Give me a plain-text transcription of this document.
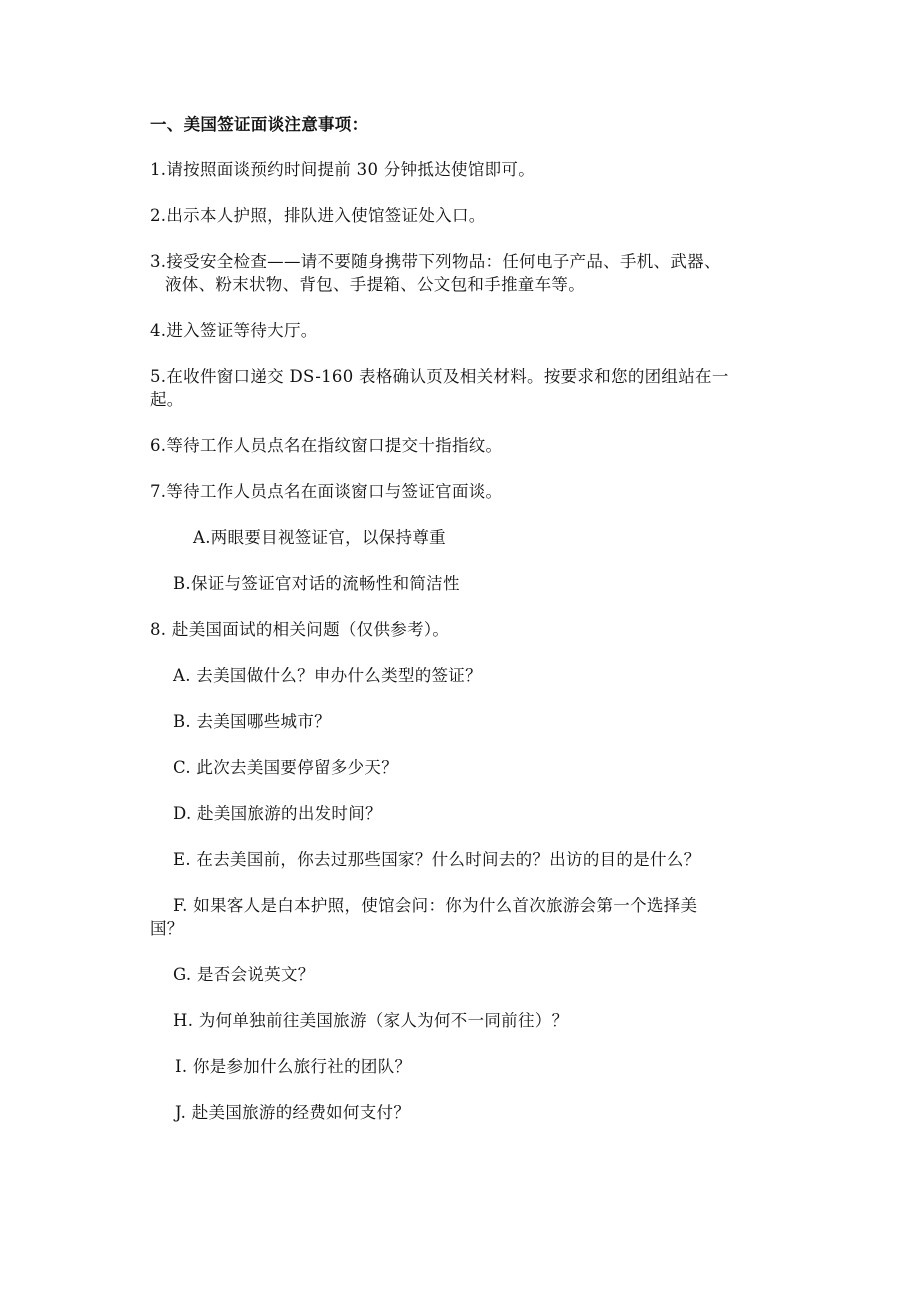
一、美国签证面谈注意事项：
1.请按照面谈预约时间提前 30 分钟抵达使馆即可。
2.出示本人护照，排队进入使馆签证处入口。
3.接受安全检查——请不要随身携带下列物品：任何电子产品、手机、武器、
液体、粉末状物、背包、手提箱、公文包和手推童车等。
4.进入签证等待大厅。
5.在收件窗口递交 DS-160 表格确认页及相关材料。按要求和您的团组站在一
起。
6.等待工作人员点名在指纹窗口提交十指指纹。
7.等待工作人员点名在面谈窗口与签证官面谈。
A.两眼要目视签证官，以保持尊重
B.保证与签证官对话的流畅性和简洁性
8. 赴美国面试的相关问题（仅供参考）。
A. 去美国做什么？申办什么类型的签证？
B. 去美国哪些城市？
C. 此次去美国要停留多少天？
D. 赴美国旅游的出发时间？
E. 在去美国前，你去过那些国家？什么时间去的？出访的目的是什么？
F. 如果客人是白本护照，使馆会问：你为什么首次旅游会第一个选择美
国？
G. 是否会说英文？
H. 为何单独前往美国旅游（家人为何不一同前往）？
I. 你是参加什么旅行社的团队？
J. 赴美国旅游的经费如何支付？
